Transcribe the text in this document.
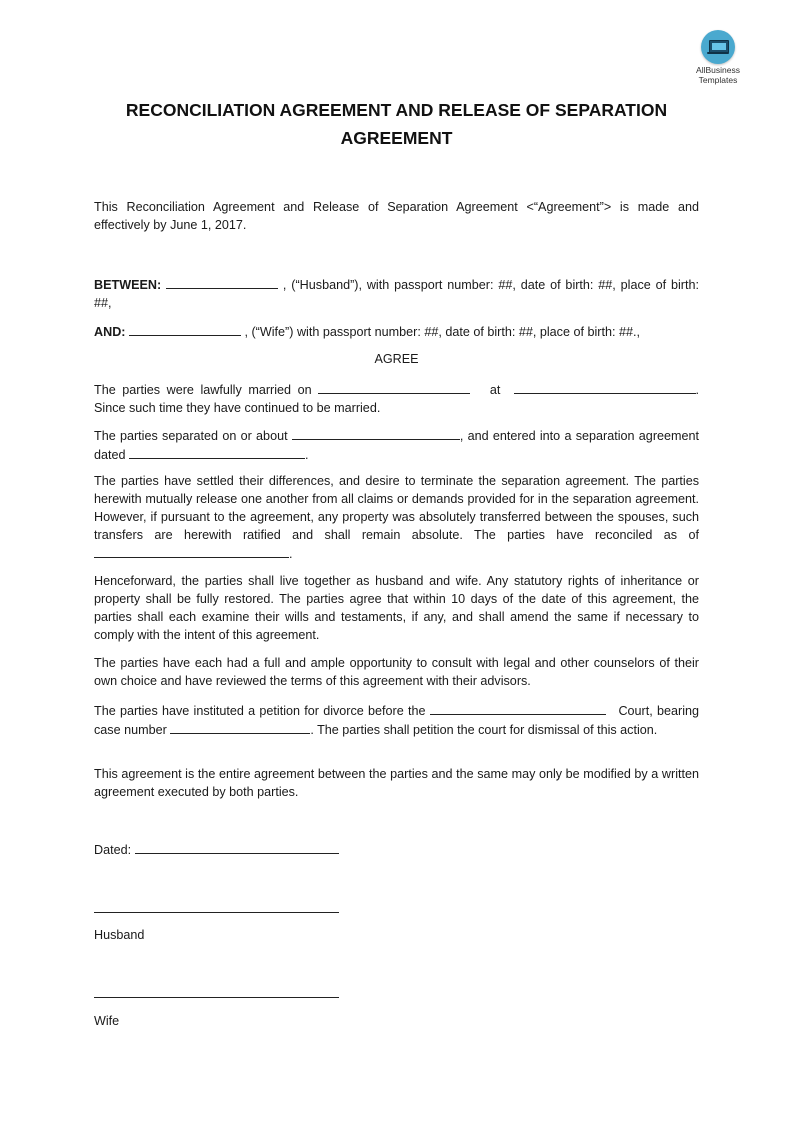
AllBusiness
Templates
RECONCILIATION AGREEMENT AND RELEASE OF SEPARATION AGREEMENT

This Reconciliation Agreement and Release of Separation Agreement <“Agreement”> is made and effectively by June 1, 2017.

BETWEEN:	, (“Husband”), with passport number: ##, date of birth: ##, place of birth: ##,

AND:	, (“Wife”) with passport number: ##, date of birth: ##, place of birth: ##.,

AGREE

The parties were lawfully married on	at	. Since such time they have continued to be married.

The parties separated on or about	, and entered into a separation agreement dated	.

The parties have settled their differences, and desire to terminate the separation agreement. The parties herewith mutually release one another from all claims or demands provided for in the separation agreement. However, if pursuant to the agreement, any property was absolutely transferred between the spouses, such transfers are herewith ratified and shall remain absolute. The parties have reconciled as of .

Henceforward, the parties shall live together as husband and wife. Any statutory rights of inheritance or property shall be fully restored. The parties agree that within 10 days of the date of this agreement, the parties shall each examine their wills and testaments, if any, and shall amend the same if necessary to comply with the intent of this agreement.

The parties have each had a full and ample opportunity to consult with legal and other counselors of their own choice and have reviewed the terms of this agreement with their advisors.

The parties have instituted a petition for divorce before the	Court, bearing case number	. The parties shall petition the court for dismissal of this action.

This agreement is the entire agreement between the parties and the same may only be modified by a written agreement executed by both parties.

Dated:

Husband

Wife
